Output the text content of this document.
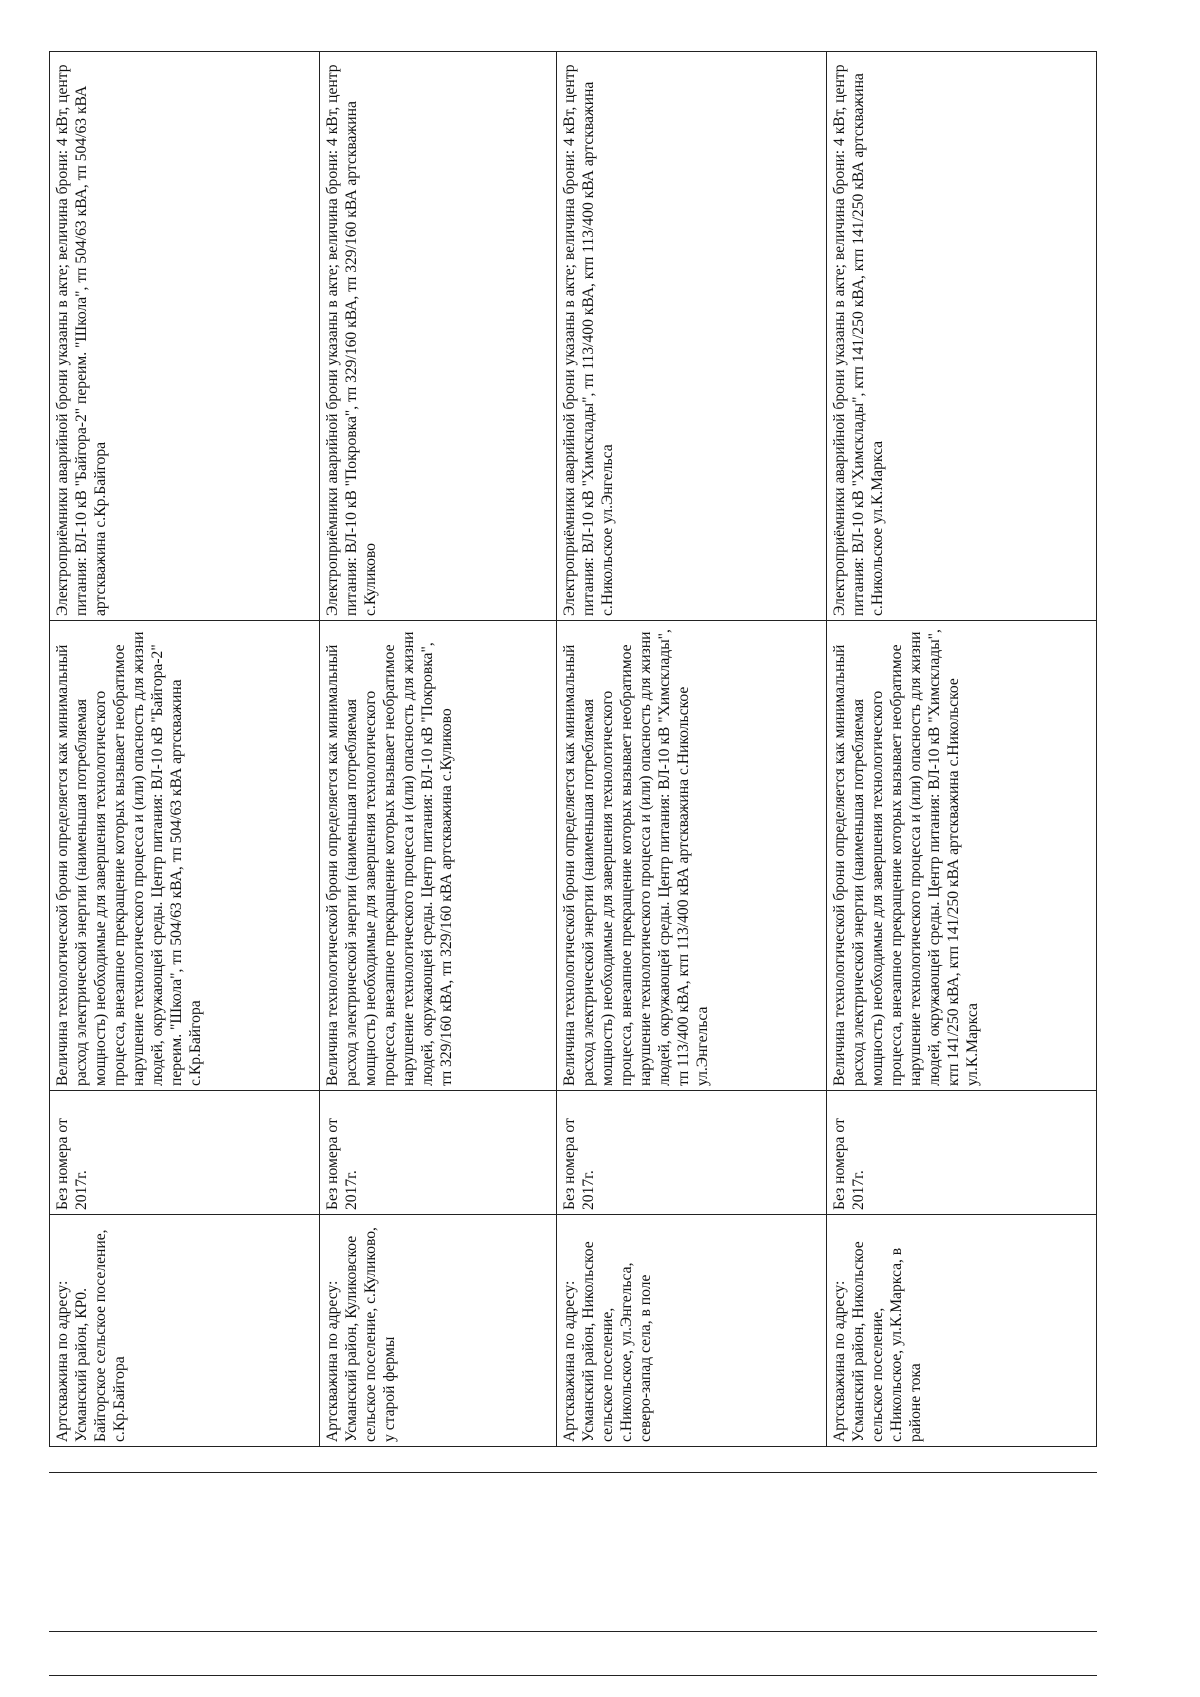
Артскважина по адресу: Усманский район, КР0. Байгорское сельское поселение, с.Кр.Байгора	Без номера от 2017г.	Величина технологической брони определяется как минимальный расход электрической энергии (наименьшая потребляемая мощность) необходимые для завершения технологического процесса, внезапное прекращение которых вызывает необратимое нарушение технологического процесса и (или) опасность для жизни людей, окружающей среды. Центр питания: ВЛ-10 кВ "Байгора-2" переим. "Школа", тп 504/63 кВА, тп 504/63 кВА артскважина с.Кр.Байгора	Электроприёмники аварийной брони указаны в акте; величина брони: 4 кВт, центр питания: ВЛ-10 кВ "Байгора-2" переим. "Школа", тп 504/63 кВА, тп 504/63 кВА артскважина с.Кр.Байгора
Артскважина по адресу: Усманский район, Куликовское сельское поселение, с.Куликово, у старой фермы	Без номера от 2017г.	Величина технологической брони определяется как минимальный расход электрической энергии (наименьшая потребляемая мощность) необходимые для завершения технологического процесса, внезапное прекращение которых вызывает необратимое нарушение технологического процесса и (или) опасность для жизни людей, окружающей среды. Центр питания: ВЛ-10 кВ "Покровка", тп 329/160 кВА, тп 329/160 кВА артскважина с.Куликово	Электроприёмники аварийной брони указаны в акте; величина брони: 4 кВт, центр питания: ВЛ-10 кВ "Покровка", тп 329/160 кВА, тп 329/160 кВА артскважина с.Куликово
Артскважина по адресу: Усманский район, Никольское сельское поселение, с.Никольское, ул.Энгельса, северо-запад села, в поле	Без номера от 2017г.	Величина технологической брони определяется как минимальный расход электрической энергии (наименьшая потребляемая мощность) необходимые для завершения технологического процесса, внезапное прекращение которых вызывает необратимое нарушение технологического процесса и (или) опасность для жизни людей, окружающей среды. Центр питания: ВЛ-10 кВ "Химсклады", тп 113/400 кВА, ктп 113/400 кВА артскважина с.Никольское ул.Энгельса	Электроприёмники аварийной брони указаны в акте; величина брони: 4 кВт, центр питания: ВЛ-10 кВ "Химсклады", тп 113/400 кВА, ктп 113/400 кВА артскважина с.Никольское ул.Энгельса
Артскважина по адресу: Усманский район, Никольское сельское поселение, с.Никольское, ул.К.Маркса, в районе тока	Без номера от 2017г.	Величина технологической брони определяется как минимальный расход электрической энергии (наименьшая потребляемая мощность) необходимые для завершения технологического процесса, внезапное прекращение которых вызывает необратимое нарушение технологического процесса и (или) опасность для жизни людей, окружающей среды. Центр питания: ВЛ-10 кВ "Химсклады", ктп 141/250 кВА, ктп 141/250 кВА артскважина с.Никольское ул.К.Маркса	Электроприёмники аварийной брони указаны в акте; величина брони: 4 кВт, центр питания: ВЛ-10 кВ "Химсклады", ктп 141/250 кВА, ктп 141/250 кВА артскважина с.Никольское ул.К.Маркса
